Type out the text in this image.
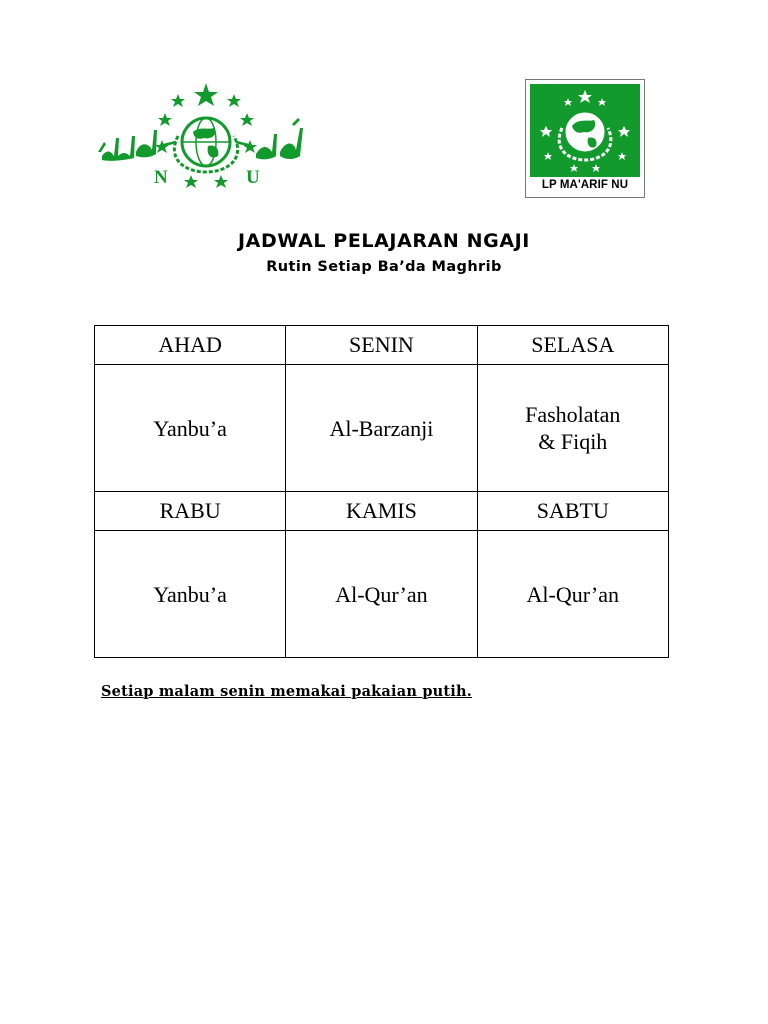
N	U	LP MA'ARIF NU
JADWAL PELAJARAN NGAJI
Rutin Setiap Ba’da Maghrib
AHAD	SENIN	SELASA
Yanbu’a	Al-Barzanji	Fasholatan
& Fiqih
RABU	KAMIS	SABTU
Yanbu’a	Al-Qur’an	Al-Qur’an
Setiap malam senin memakai pakaian putih.
